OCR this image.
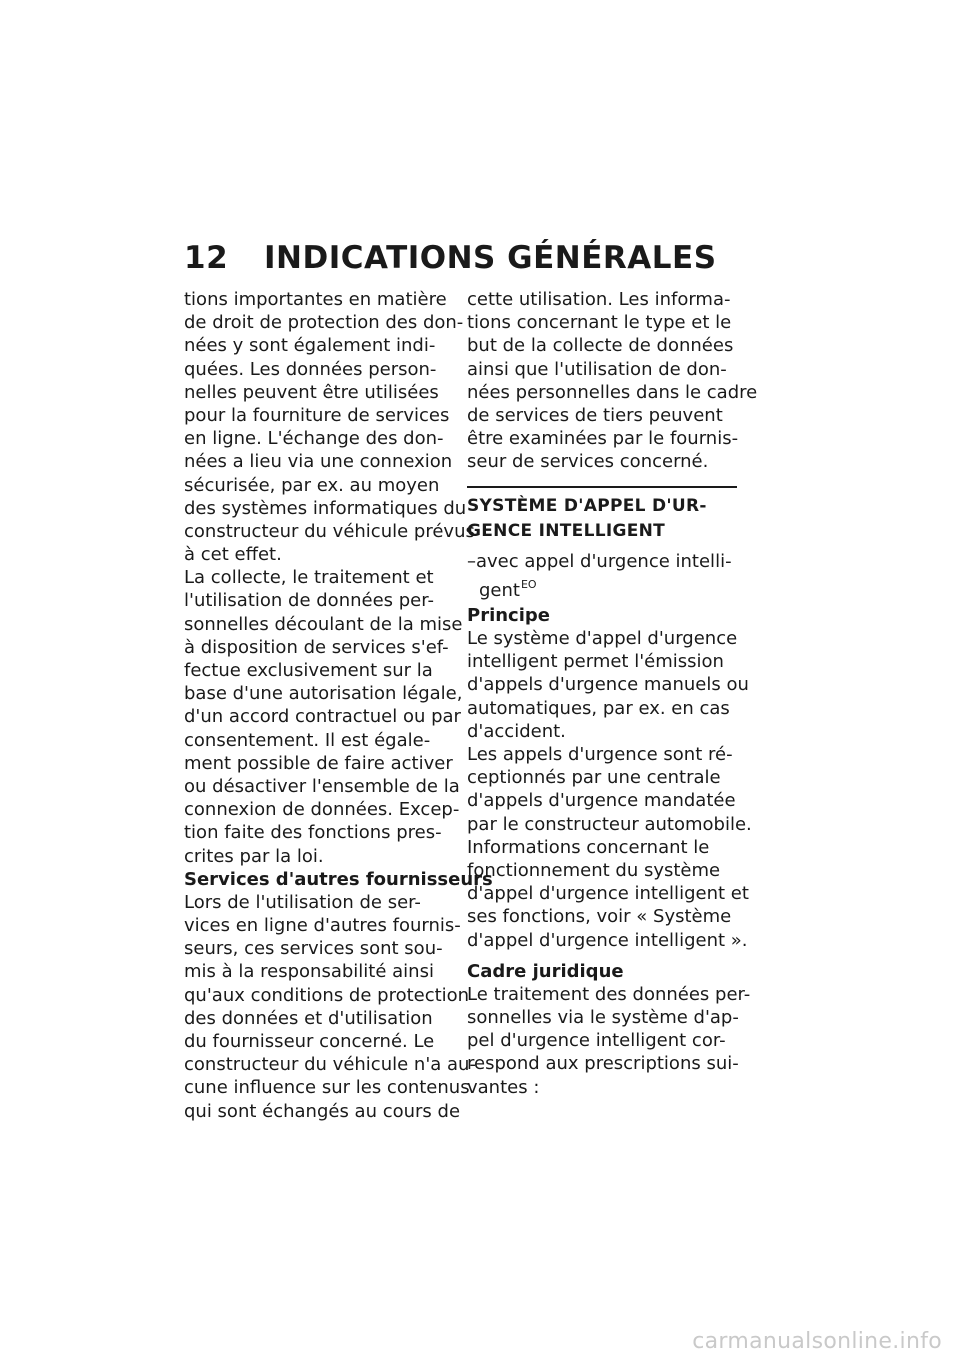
12 INDICATIONS GÉNÉRALES
tions importantes en matière
de droit de protection des don-
nées y sont également indi-
quées. Les données person-
nelles peuvent être utilisées
pour la fourniture de services
en ligne. L'échange des don-
nées a lieu via une connexion
sécurisée, par ex. au moyen
des systèmes informatiques du
constructeur du véhicule prévus
à cet effet.
La collecte, le traitement et
l'utilisation de données per-
sonnelles découlant de la mise
à disposition de services s'ef-
fectue exclusivement sur la
base d'une autorisation légale,
d'un accord contractuel ou par
consentement. Il est égale-
ment possible de faire activer
ou désactiver l'ensemble de la
connexion de données. Excep-
tion faite des fonctions pres-
crites par la loi.
Services d'autres fournisseurs
Lors de l'utilisation de ser-
vices en ligne d'autres fournis-
seurs, ces services sont sou-
mis à la responsabilité ainsi
qu'aux conditions de protection
des données et d'utilisation
du fournisseur concerné. Le
constructeur du véhicule n'a au-
cune influence sur les contenus
qui sont échangés au cours de
cette utilisation. Les informa-
tions concernant le type et le
but de la collecte de données
ainsi que l'utilisation de don-
nées personnelles dans le cadre
de services de tiers peuvent
être examinées par le fournis-
seur de services concerné.
SYSTÈME D'APPEL D'UR-
GENCE INTELLIGENT
–avec appel d'urgence intelli-
gent$^{EO}$
Principe
Le système d'appel d'urgence
intelligent permet l'émission
d'appels d'urgence manuels ou
automatiques, par ex. en cas
d'accident.
Les appels d'urgence sont ré-
ceptionnés par une centrale
d'appels d'urgence mandatée
par le constructeur automobile.
Informations concernant le
fonctionnement du système
d'appel d'urgence intelligent et
ses fonctions, voir « Système
d'appel d'urgence intelligent ».
Cadre juridique
Le traitement des données per-
sonnelles via le système d'ap-
pel d'urgence intelligent cor-
respond aux prescriptions sui-
vantes :
carmanualsonline.info
